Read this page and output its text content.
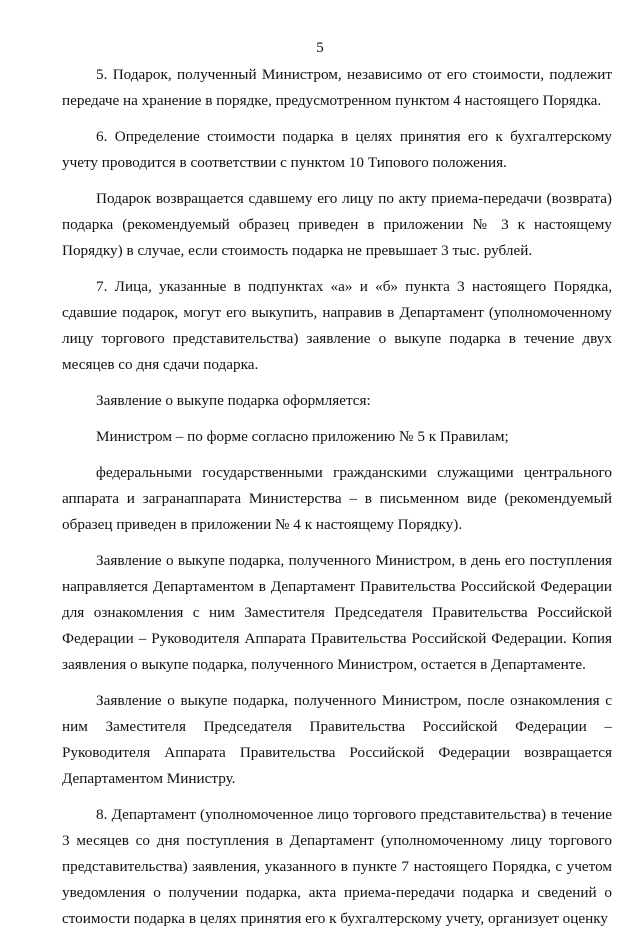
5

5. Подарок, полученный Министром, независимо от его стоимости, подлежит передаче на хранение в порядке, предусмотренном пунктом 4 настоящего Порядка.

6. Определение стоимости подарка в целях принятия его к бухгалтерскому учету проводится в соответствии с пунктом 10 Типового положения.

Подарок возвращается сдавшему его лицу по акту приема-передачи (возврата) подарка (рекомендуемый образец приведен в приложении № 3 к настоящему Порядку) в случае, если стоимость подарка не превышает 3 тыс. рублей.

7. Лица, указанные в подпунктах «а» и «б» пункта 3 настоящего Порядка, сдавшие подарок, могут его выкупить, направив в Департамент (уполномоченному лицу торгового представительства) заявление о выкупе подарка в течение двух месяцев со дня сдачи подарка.

Заявление о выкупе подарка оформляется:

Министром – по форме согласно приложению № 5 к Правилам;

федеральными государственными гражданскими служащими центрального аппарата и загранаппарата Министерства – в письменном виде (рекомендуемый образец приведен в приложении № 4 к настоящему Порядку).

Заявление о выкупе подарка, полученного Министром, в день его поступления направляется Департаментом в Департамент Правительства Российской Федерации для ознакомления с ним Заместителя Председателя Правительства Российской Федерации – Руководителя Аппарата Правительства Российской Федерации. Копия заявления о выкупе подарка, полученного Министром, остается в Департаменте.

Заявление о выкупе подарка, полученного Министром, после ознакомления с ним Заместителя Председателя Правительства Российской Федерации – Руководителя Аппарата Правительства Российской Федерации возвращается Департаментом Министру.

8. Департамент (уполномоченное лицо торгового представительства) в течение 3 месяцев со дня поступления в Департамент (уполномоченному лицу торгового представительства) заявления, указанного в пункте 7 настоящего Порядка, с учетом уведомления о получении подарка, акта приема-передачи подарка и сведений о стоимости подарка в целях принятия его к бухгалтерскому учету, организует оценку
